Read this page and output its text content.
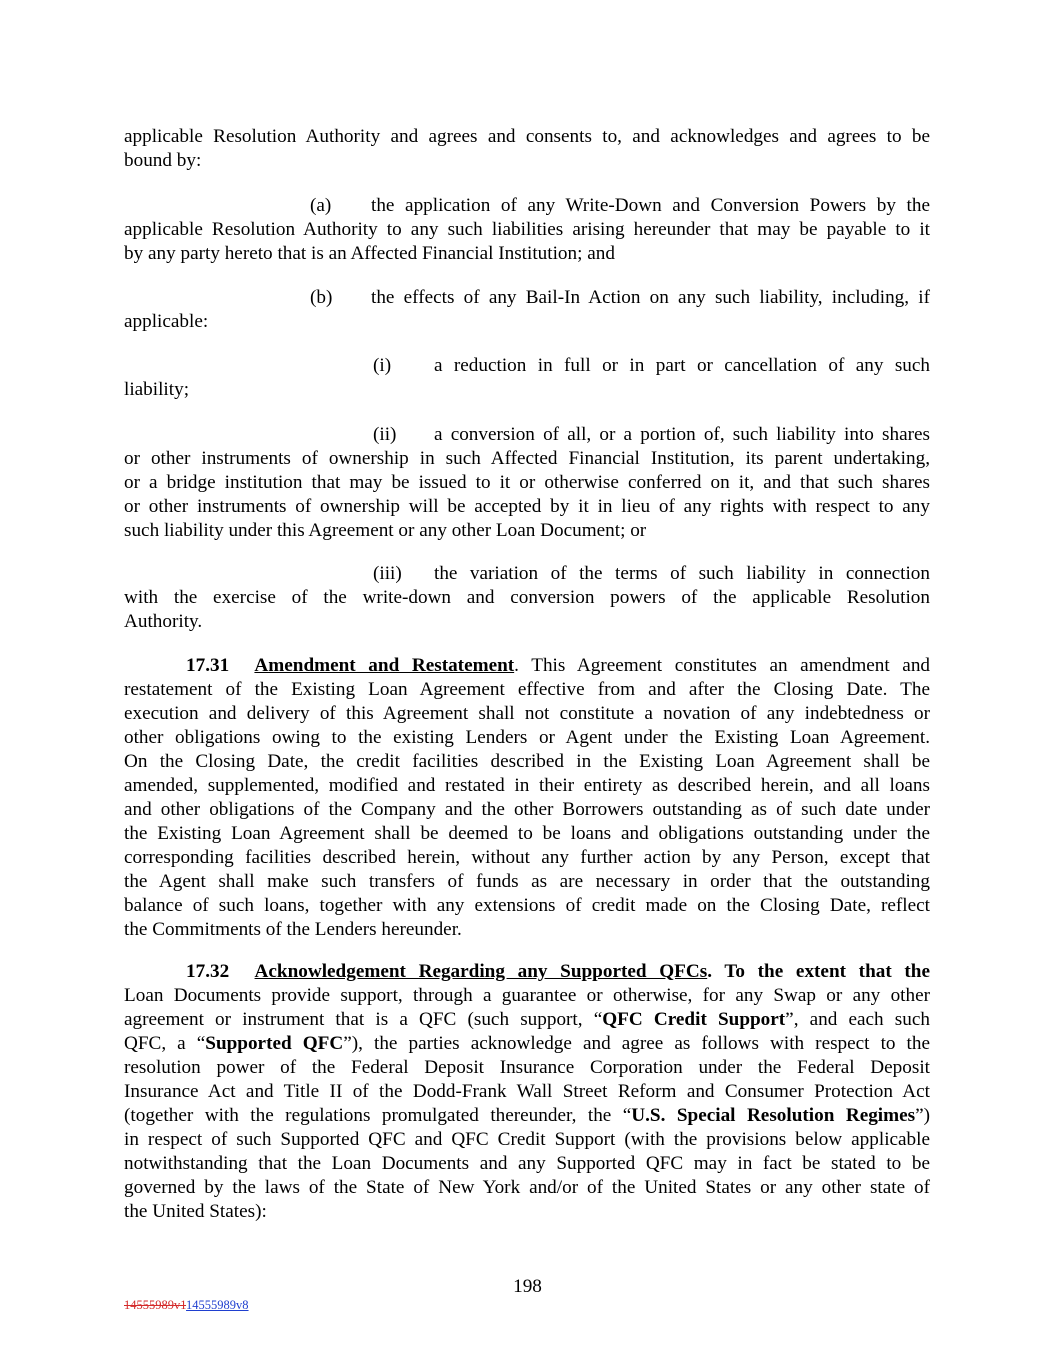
applicable Resolution Authority and agrees and consents to, and acknowledges and agrees to be
bound by:

(a) the application of any Write-Down and Conversion Powers by the
applicable Resolution Authority to any such liabilities arising hereunder that may be payable to it
by any party hereto that is an Affected Financial Institution; and

(b) the effects of any Bail-In Action on any such liability, including, if
applicable:

(i) a reduction in full or in part or cancellation of any such
liability;

(ii) a conversion of all, or a portion of, such liability into shares
or other instruments of ownership in such Affected Financial Institution, its parent undertaking,
or a bridge institution that may be issued to it or otherwise conferred on it, and that such shares
or other instruments of ownership will be accepted by it in lieu of any rights with respect to any
such liability under this Agreement or any other Loan Document; or

(iii) the variation of the terms of such liability in connection
with the exercise of the write-down and conversion powers of the applicable Resolution
Authority.

17.31 Amendment and Restatement. This Agreement constitutes an amendment and
restatement of the Existing Loan Agreement effective from and after the Closing Date. The
execution and delivery of this Agreement shall not constitute a novation of any indebtedness or
other obligations owing to the existing Lenders or Agent under the Existing Loan Agreement.
On the Closing Date, the credit facilities described in the Existing Loan Agreement shall be
amended, supplemented, modified and restated in their entirety as described herein, and all loans
and other obligations of the Company and the other Borrowers outstanding as of such date under
the Existing Loan Agreement shall be deemed to be loans and obligations outstanding under the
corresponding facilities described herein, without any further action by any Person, except that
the Agent shall make such transfers of funds as are necessary in order that the outstanding
balance of such loans, together with any extensions of credit made on the Closing Date, reflect
the Commitments of the Lenders hereunder.

17.32 Acknowledgement Regarding any Supported QFCs. To the extent that the
Loan Documents provide support, through a guarantee or otherwise, for any Swap or any other
agreement or instrument that is a QFC (such support, “QFC Credit Support”, and each such
QFC, a “Supported QFC”), the parties acknowledge and agree as follows with respect to the
resolution power of the Federal Deposit Insurance Corporation under the Federal Deposit
Insurance Act and Title II of the Dodd-Frank Wall Street Reform and Consumer Protection Act
(together with the regulations promulgated thereunder, the “U.S. Special Resolution Regimes”)
in respect of such Supported QFC and QFC Credit Support (with the provisions below applicable
notwithstanding that the Loan Documents and any Supported QFC may in fact be stated to be
governed by the laws of the State of New York and/or of the United States or any other state of
the United States):

198
14555989v114555989v8
